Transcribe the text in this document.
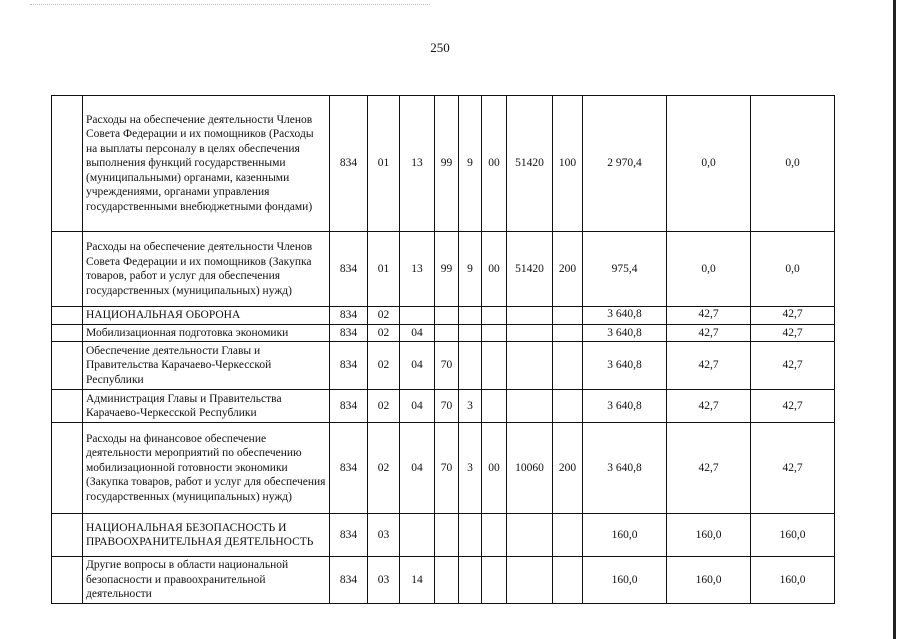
250
	Расходы на обеспечение деятельности Членов Совета Федерации и их помощников (Расходы на выплаты персоналу в целях обеспечения выполнения функций государственными (муниципальными) органами, казенными учреждениями, органами управления государственными внебюджетными фондами)	834	01	13	99	9	00	51420	100	2 970,4	0,0	0,0
	Расходы на обеспечение деятельности Членов Совета Федерации и их помощников (Закупка товаров, работ и услуг для обеспечения государственных (муниципальных) нужд)	834	01	13	99	9	00	51420	200	975,4	0,0	0,0
	НАЦИОНАЛЬНАЯ ОБОРОНА	834	02							3 640,8	42,7	42,7
	Мобилизационная подготовка экономики	834	02	04						3 640,8	42,7	42,7
	Обеспечение деятельности Главы и Правительства Карачаево-Черкесской Республики	834	02	04	70					3 640,8	42,7	42,7
	Администрация Главы и Правительства Карачаево-Черкесской Республики	834	02	04	70	3				3 640,8	42,7	42,7
	Расходы на финансовое обеспечение деятельности мероприятий по обеспечению мобилизационной готовности экономики (Закупка товаров, работ и услуг для обеспечения государственных (муниципальных) нужд)	834	02	04	70	3	00	10060	200	3 640,8	42,7	42,7
	НАЦИОНАЛЬНАЯ БЕЗОПАСНОСТЬ И ПРАВООХРАНИТЕЛЬНАЯ ДЕЯТЕЛЬНОСТЬ	834	03							160,0	160,0	160,0
	Другие вопросы в области национальной безопасности и правоохранительной деятельности	834	03	14						160,0	160,0	160,0
